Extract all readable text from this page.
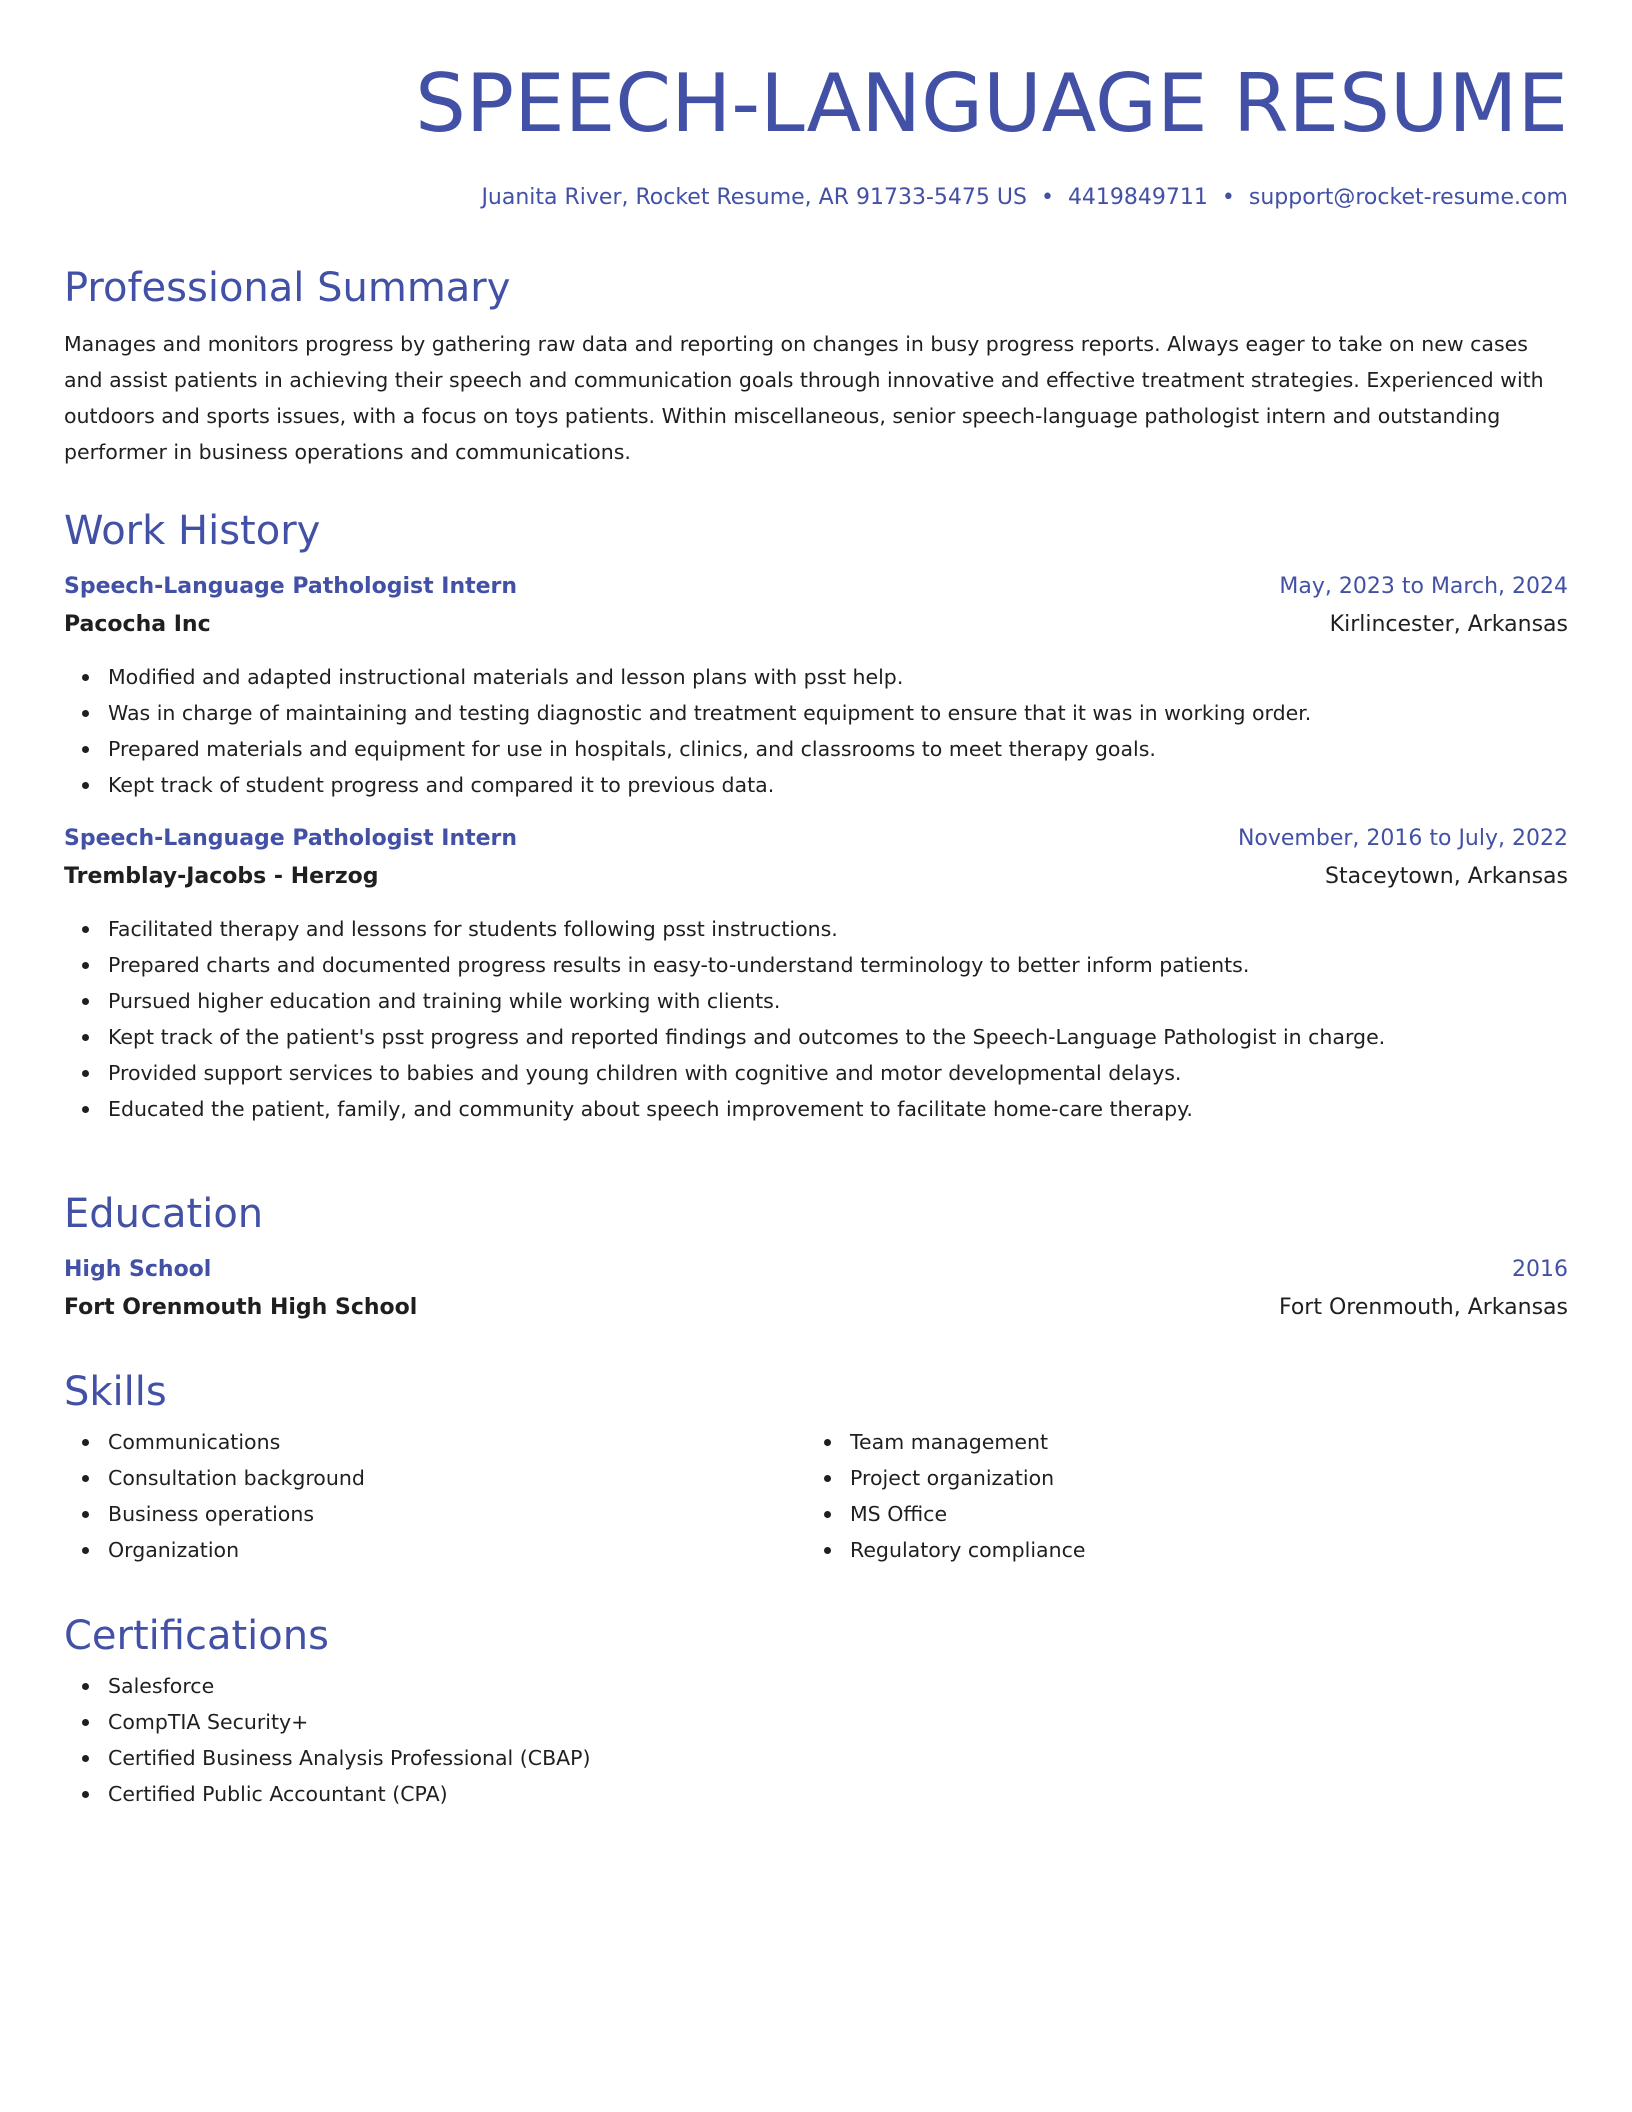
SPEECH-LANGUAGE RESUME
Juanita River, Rocket Resume, AR 91733-5475 US • 4419849711 • support@rocket-resume.com
Professional Summary

Manages and monitors progress by gathering raw data and reporting on changes in busy progress reports. Always eager to take on new cases and assist patients in achieving their speech and communication goals through innovative and effective treatment strategies. Experienced with outdoors and sports issues, with a focus on toys patients. Within miscellaneous, senior speech-language pathologist intern and outstanding performer in business operations and communications.

Work History
Speech-Language Pathologist Intern	May, 2023 to March, 2024
Pacocha Inc	Kirlincester, Arkansas
Modified and adapted instructional materials and lesson plans with psst help.
Was in charge of maintaining and testing diagnostic and treatment equipment to ensure that it was in working order.
Prepared materials and equipment for use in hospitals, clinics, and classrooms to meet therapy goals.
Kept track of student progress and compared it to previous data.
Speech-Language Pathologist Intern	November, 2016 to July, 2022
Tremblay-Jacobs - Herzog	Staceytown, Arkansas
Facilitated therapy and lessons for students following psst instructions.
Prepared charts and documented progress results in easy-to-understand terminology to better inform patients.
Pursued higher education and training while working with clients.
Kept track of the patient's psst progress and reported findings and outcomes to the Speech-Language Pathologist in charge.
Provided support services to babies and young children with cognitive and motor developmental delays.
Educated the patient, family, and community about speech improvement to facilitate home-care therapy.
Education
High School	2016
Fort Orenmouth High School	Fort Orenmouth, Arkansas
Skills
Communications
Consultation background
Business operations
Organization
Team management
Project organization
MS Office
Regulatory compliance
Certifications
Salesforce
CompTIA Security+
Certified Business Analysis Professional (CBAP)
Certified Public Accountant (CPA)
